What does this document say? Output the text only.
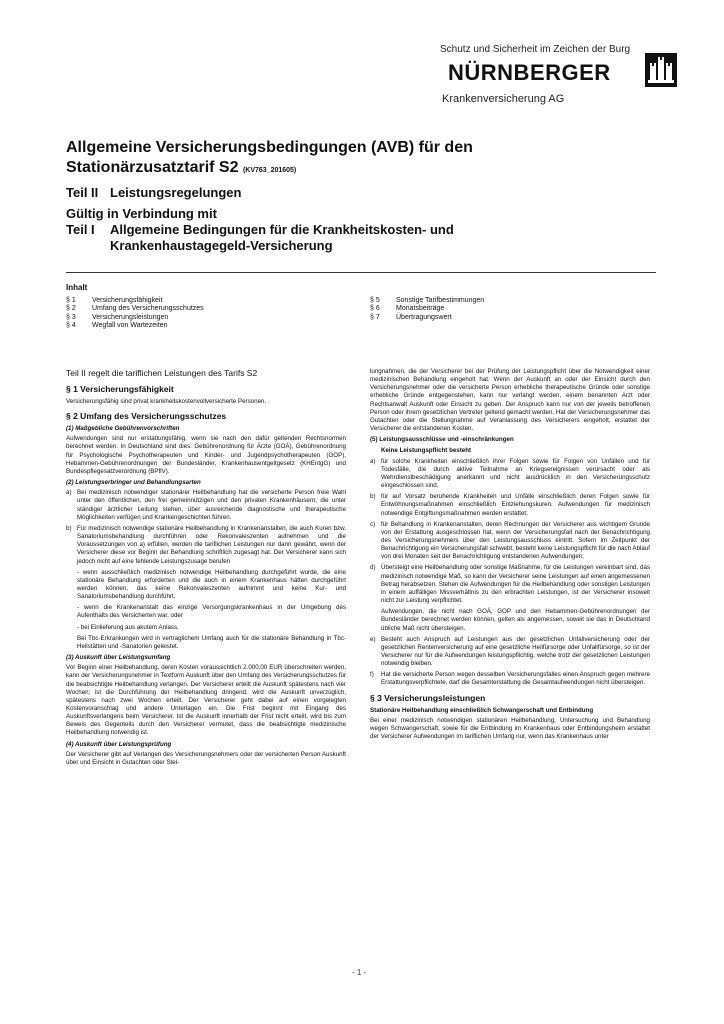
Schutz und Sicherheit im Zeichen der Burg
NÜRNBERGER
Krankenversicherung AG
Allgemeine Versicherungsbedingungen (AVB) für den
Stationärzusatztarif S2 (KV763_201605)
Teil II Leistungsregelungen
Gültig in Verbindung mit
Teil I Allgemeine Bedingungen für die Krankheitskosten- und
Krankenhaustagegeld-Versicherung
Inhalt
§ 1 Versicherungsfähigkeit
§ 2 Umfang des Versicherungsschutzes
§ 3 Versicherungsleistungen
§ 4 Wegfall von Wartezeiten
§ 5 Sonstige Tarifbestimmungen
§ 6 Monatsbeiträge
§ 7 Übertragungswert

Teil II regelt die tariflichen Leistungen des Tarifs S2

§ 1 Versicherungsfähigkeit

Versicherungsfähig sind privat krankheitskostenvollversicherte Personen.

§ 2 Umfang des Versicherungsschutzes

(1) Maßgebliche Gebührenvorschriften

Aufwendungen sind nur erstattungsfähig, wenn sie nach den dafür geltenden Rechtsnormen berechnet werden. In Deutschland sind dies: Gebührenordnung für Ärzte (GOÄ), Gebührenordnung für Psychologische Psychotherapeuten und Kinder- und Jugendpsychotherapeuten (GOP), Hebammen-Gebührenordnungen der Bundesländer, Krankenhausentgeltgesetz (KHEntgG) und Bundespflegesatzverordnung (BPflV).

(2) Leistungserbringer und Behandlungsarten

a) Bei medizinisch notwendiger stationärer Heilbehandlung hat die versicherte Person freie Wahl unter den öffentlichen, den frei gemeinnützigen und den privaten Krankenhäusern, die unter ständiger ärztlicher Leitung stehen, über ausreichende diagnostische und therapeutische Möglichkeiten verfügen und Krankengeschichten führen.
b) Für medizinisch notwendige stationäre Heilbehandlung in Krankenanstalten, die auch Kuren bzw. Sanatoriumsbehandlung durchführen oder Rekonvaleszenten aufnehmen und die Voraussetzungen von a) erfüllen, werden die tariflichen Leistungen nur dann gewährt, wenn der Versicherer diese vor Beginn der Behandlung schriftlich zugesagt hat. Der Versicherer kann sich jedoch nicht auf eine fehlende Leistungszusage berufen

- wenn ausschließlich medizinisch notwendige Heilbehandlung durchgeführt wurde, die eine stationäre Behandlung erforderten und die auch in einem Krankenhaus hätten durchgeführt werden können, das keine Rekonvaleszenten aufnimmt und keine Kur- und Sanatoriumsbehandlung durchführt,

- wenn die Krankenanstalt das einzige Versorgungskrankenhaus in der Umgebung des Aufenthalts des Versicherten war, oder

- bei Einlieferung aus akutem Anlass.

Bei Tbc-Erkrankungen wird in vertraglichem Umfang auch für die stationäre Behandlung in Tbc-Heilstätten und -Sanatorien geleistet.

(3) Auskunft über Leistungsumfang

Vor Beginn einer Heilbehandlung, deren Kosten voraussichtlich 2.000,00 EUR überschreiten werden, kann der Versicherungsnehmer in Textform Auskunft über den Umfang des Versicherungsschutzes für die beabsichtigte Heilbehandlung verlangen. Der Versicherer erteilt die Auskunft spätestens nach vier Wochen; ist die Durchführung der Heilbehandlung dringend, wird die Auskunft unverzüglich, spätestens nach zwei Wochen erteilt. Der Versicherer geht dabei auf einen vorgelegten Kostenvoranschlag und andere Unterlagen ein. Die Frist beginnt mit Eingang des Auskunftsverlangens beim Versicherer. Ist die Auskunft innerhalb der Frist nicht erteilt, wird bis zum Beweis des Gegenteils durch den Versicherer vermutet, dass die beabsichtigte medizinische Heilbehandlung notwendig ist.

(4) Auskunft über Leistungsprüfung

Der Versicherer gibt auf Verlangen des Versicherungsnehmers oder der versicherten Person Auskunft über und Einsicht in Gutachten oder Stel-

lungnahmen, die der Versicherer bei der Prüfung der Leistungspflicht über die Notwendigkeit einer medizinischen Behandlung eingeholt hat. Wenn der Auskunft an oder der Einsicht durch den Versicherungsnehmer oder die versicherte Person erhebliche therapeutische Gründe oder sonstige erhebliche Gründe entgegenstehen, kann nur verlangt werden, einem benannten Arzt oder Rechtsanwalt Auskunft oder Einsicht zu geben. Der Anspruch kann nur von der jeweils betroffenen Person oder ihrem gesetzlichen Vertreter geltend gemacht werden. Hat der Versicherungsnehmer das Gutachten oder die Stellungnahme auf Veranlassung des Versicherers eingeholt, erstattet der Versicherer die entstandenen Kosten.

(5) Leistungsausschlüsse und -einschränkungen

Keine Leistungspflicht besteht

a) für solche Krankheiten einschließlich ihrer Folgen sowie für Folgen von Unfällen und für Todesfälle, die durch aktive Teilnahme an Kriegsereignissen verursacht oder als Wehrdienstbeschädigung anerkannt und nicht ausdrücklich in den Versicherungsschutz eingeschlossen sind;
b) für auf Vorsatz beruhende Krankheiten und Unfälle einschließlich deren Folgen sowie für Entwöhnungsmaßnahmen einschließlich Entziehungskuren. Aufwendungen für medizinisch notwendige Entgiftungsmaßnahmen werden erstattet;
c) für Behandlung in Krankenanstalten, deren Rechnungen der Versicherer aus wichtigem Grunde von der Erstattung ausgeschlossen hat, wenn der Versicherungsfall nach der Benachrichtigung des Versicherungsnehmers über den Leistungsausschluss eintritt. Sofern im Zeitpunkt der Benachrichtigung ein Versicherungsfall schwebt, besteht keine Leistungspflicht für die nach Ablauf von drei Monaten seit der Benachrichtigung entstandenen Aufwendungen;
d) Übersteigt eine Heilbehandlung oder sonstige Maßnahme, für die Leistungen vereinbart sind, das medizinisch notwendige Maß, so kann der Versicherer seine Leistungen auf einen angemessenen Betrag herabsetzen. Stehen die Aufwendungen für die Heilbehandlung oder sonstigen Leistungen in einem auffälligen Missverhältnis zu den erbrachten Leistungen, ist der Versicherer insoweit nicht zur Leistung verpflichtet.

Aufwendungen, die nicht nach GOÄ, GOP und den Hebammen-Gebührenordnungen der Bundesländer berechnet werden können, gelten als angemessen, soweit sie das in Deutschland übliche Maß nicht übersteigen.

e) Besteht auch Anspruch auf Leistungen aus der gesetzlichen Unfallversicherung oder der gesetzlichen Rentenversicherung auf eine gesetzliche Heilfürsorge oder Unfallfürsorge, so ist der Versicherer nur für die Aufwendungen leistungspflichtig, welche trotz der gesetzlichen Leistungen notwendig bleiben.
f)	Hat die versicherte Person wegen desselben Versicherungsfalles einen Anspruch gegen mehrere Erstattungsverpflichtete, darf die Gesamterstattung die Gesamtaufwendungen nicht übersteigen.

§ 3 Versicherungsleistungen

Stationäre Heilbehandlung einschließlich Schwangerschaft und Entbindung

Bei einer medizinisch notwendigen stationären Heilbehandlung, Untersuchung und Behandlung wegen Schwangerschaft, sowie für die Entbindung im Krankenhaus oder Entbindungsheim erstattet der Versicherer Aufwendungen im tariflichen Umfang nur, wenn das Krankenhaus unter

- 1 -
